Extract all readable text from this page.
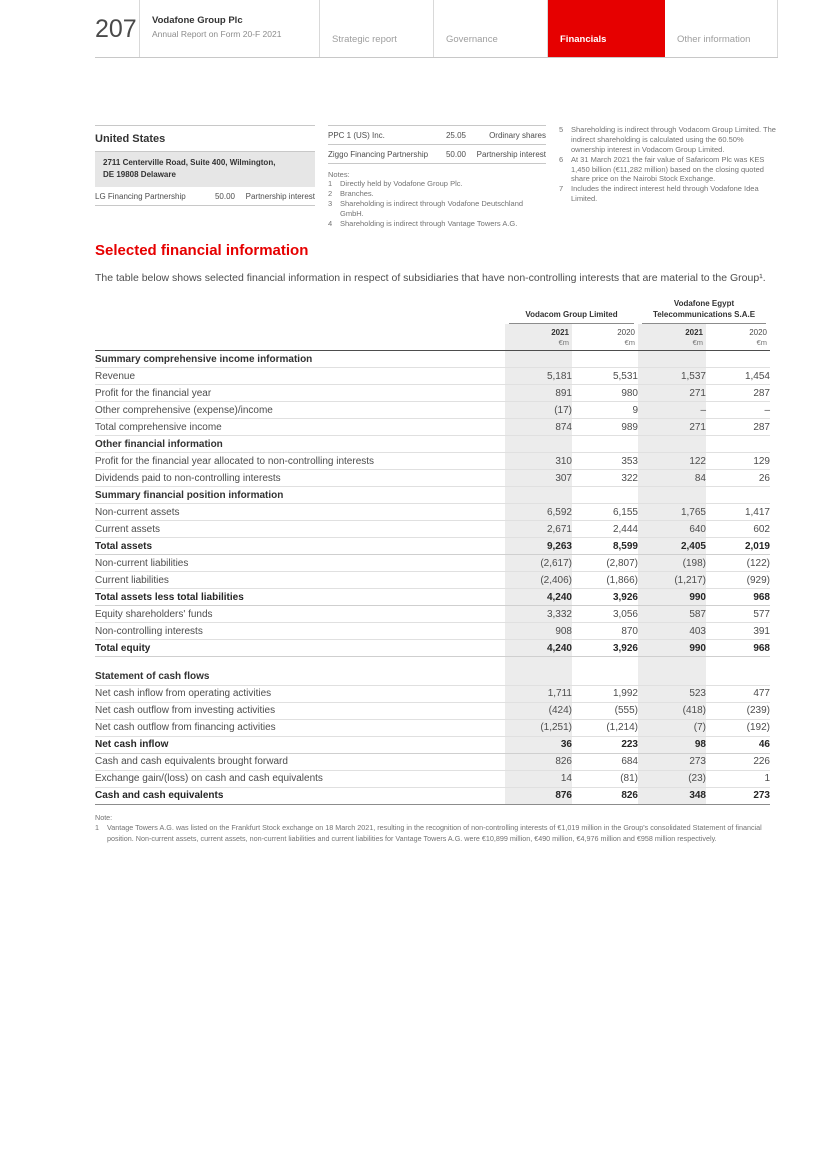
207	Vodafone Group Plc
Annual Report on Form 20-F 2021	Strategic report	Governance	Financials	Other information
United States
2711 Centerville Road, Suite 400, Wilmington,
DE 19808 Delaware
LG Financing Partnership	50.00	Partnership interest
PPC 1 (US) Inc.	25.05	Ordinary shares
Ziggo Financing Partnership	50.00	Partnership interest
Notes:
1	Directly held by Vodafone Group Plc.
2	Branches.
3	Shareholding is indirect through Vodafone Deutschland GmbH.
4	Shareholding is indirect through Vantage Towers A.G.
5	Shareholding is indirect through Vodacom Group Limited. The indirect shareholding is calculated using the 60.50% ownership interest in Vodacom Group Limited.
6	At 31 March 2021 the fair value of Safaricom Plc was KES 1,450 billion (€11,282 million) based on the closing quoted share price on the Nairobi Stock Exchange.
7	Includes the indirect interest held through Vodafone Idea Limited.
Selected financial information
The table below shows selected financial information in respect of subsidiaries that have non-controlling interests that are material to the Group¹.

	Vodacom Group Limited		Vodafone Egypt Telecommunications S.A.E	

	2021	2020	2021	2020
	€m	€m	€m	€m
Summary comprehensive income information				
Revenue	5,181	5,531	1,537	1,454
Profit for the financial year	891	980	271	287
Other comprehensive (expense)/income	(17)	9	–	–
Total comprehensive income	874	989	271	287
Other financial information				
Profit for the financial year allocated to non-controlling interests	310	353	122	129
Dividends paid to non-controlling interests	307	322	84	26
Summary financial position information				
Non-current assets	6,592	6,155	1,765	1,417
Current assets	2,671	2,444	640	602
Total assets	9,263	8,599	2,405	2,019
Non-current liabilities	(2,617)	(2,807)	(198)	(122)
Current liabilities	(2,406)	(1,866)	(1,217)	(929)
Total assets less total liabilities	4,240	3,926	990	968
Equity shareholders' funds	3,332	3,056	587	577
Non-controlling interests	908	870	403	391
Total equity	4,240	3,926	990	968

Statement of cash flows				
Net cash inflow from operating activities	1,711	1,992	523	477
Net cash outflow from investing activities	(424)	(555)	(418)	(239)
Net cash outflow from financing activities	(1,251)	(1,214)	(7)	(192)
Net cash inflow	36	223	98	46
Cash and cash equivalents brought forward	826	684	273	226
Exchange gain/(loss) on cash and cash equivalents	14	(81)	(23)	1
Cash and cash equivalents	876	826	348	273
Note:
1	Vantage Towers A.G. was listed on the Frankfurt Stock exchange on 18 March 2021, resulting in the recognition of non-controlling interests of €1,019 million in the Group's consolidated Statement of financial position. Non-current assets, current assets, non-current liabilities and current liabilities for Vantage Towers A.G. were €10,899 million, €490 million, €4,976 million and €958 million respectively.
